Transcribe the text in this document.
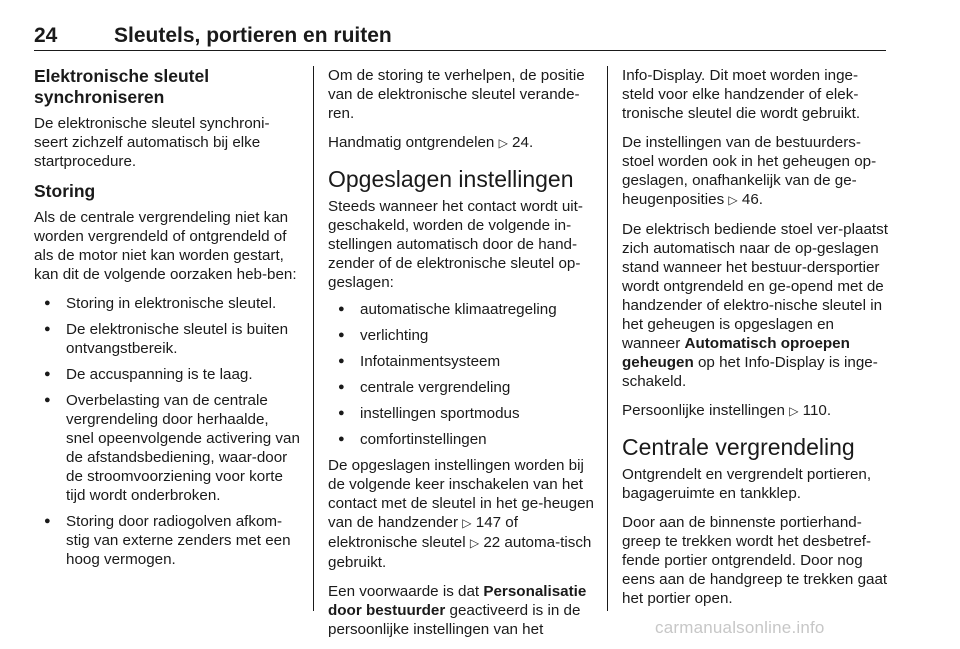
24	Sleutels, portieren en ruiten
Elektronische sleutel synchroniseren

De elektronische sleutel synchroni-seert zichzelf automatisch bij elke startprocedure.

Storing

Als de centrale vergrendeling niet kan worden vergrendeld of ontgrendeld of als de motor niet kan worden gestart, kan dit de volgende oorzaken heb-ben:

● Storing in elektronische sleutel.
● De elektronische sleutel is buiten ontvangstbereik.
● De accuspanning is te laag.
● Overbelasting van de centrale vergrendeling door herhaalde, snel opeenvolgende activering van de afstandsbediening, waar-door de stroomvoorziening voor korte tijd wordt onderbroken.
● Storing door radiogolven afkom-stig van externe zenders met een hoog vermogen.

Om de storing te verhelpen, de positie van de elektronische sleutel verande-ren.

Handmatig ontgrendelen ▷ 24.

Opgeslagen instellingen

Steeds wanneer het contact wordt uit-geschakeld, worden de volgende in-stellingen automatisch door de hand-zender of de elektronische sleutel op-geslagen:

● automatische klimaatregeling
● verlichting
● Infotainmentsysteem
● centrale vergrendeling
● instellingen sportmodus
● comfortinstellingen

De opgeslagen instellingen worden bij de volgende keer inschakelen van het contact met de sleutel in het ge-heugen van de handzender ▷ 147 of elektronische sleutel ▷ 22 automa-tisch gebruikt.

Een voorwaarde is dat Personalisatie door bestuurder geactiveerd is in de persoonlijke instellingen van het

Info-Display. Dit moet worden inge-steld voor elke handzender of elek-tronische sleutel die wordt gebruikt.

De instellingen van de bestuurders-stoel worden ook in het geheugen op-geslagen, onafhankelijk van de ge-heugenposities ▷ 46.

De elektrisch bediende stoel ver-plaatst zich automatisch naar de op-geslagen stand wanneer het bestuur-dersportier wordt ontgrendeld en ge-opend met de handzender of elektro-nische sleutel in het geheugen is opgeslagen en wanneer Automatisch oproepen geheugen op het Info-Display is inge-schakeld.

Persoonlijke instellingen ▷ 110.

Centrale vergrendeling

Ontgrendelt en vergrendelt portieren, bagageruimte en tankklep.

Door aan de binnenste portierhand-greep te trekken wordt het desbetref-fende portier ontgrendeld. Door nog eens aan de handgreep te trekken gaat het portier open.

carmanualsonline.info
